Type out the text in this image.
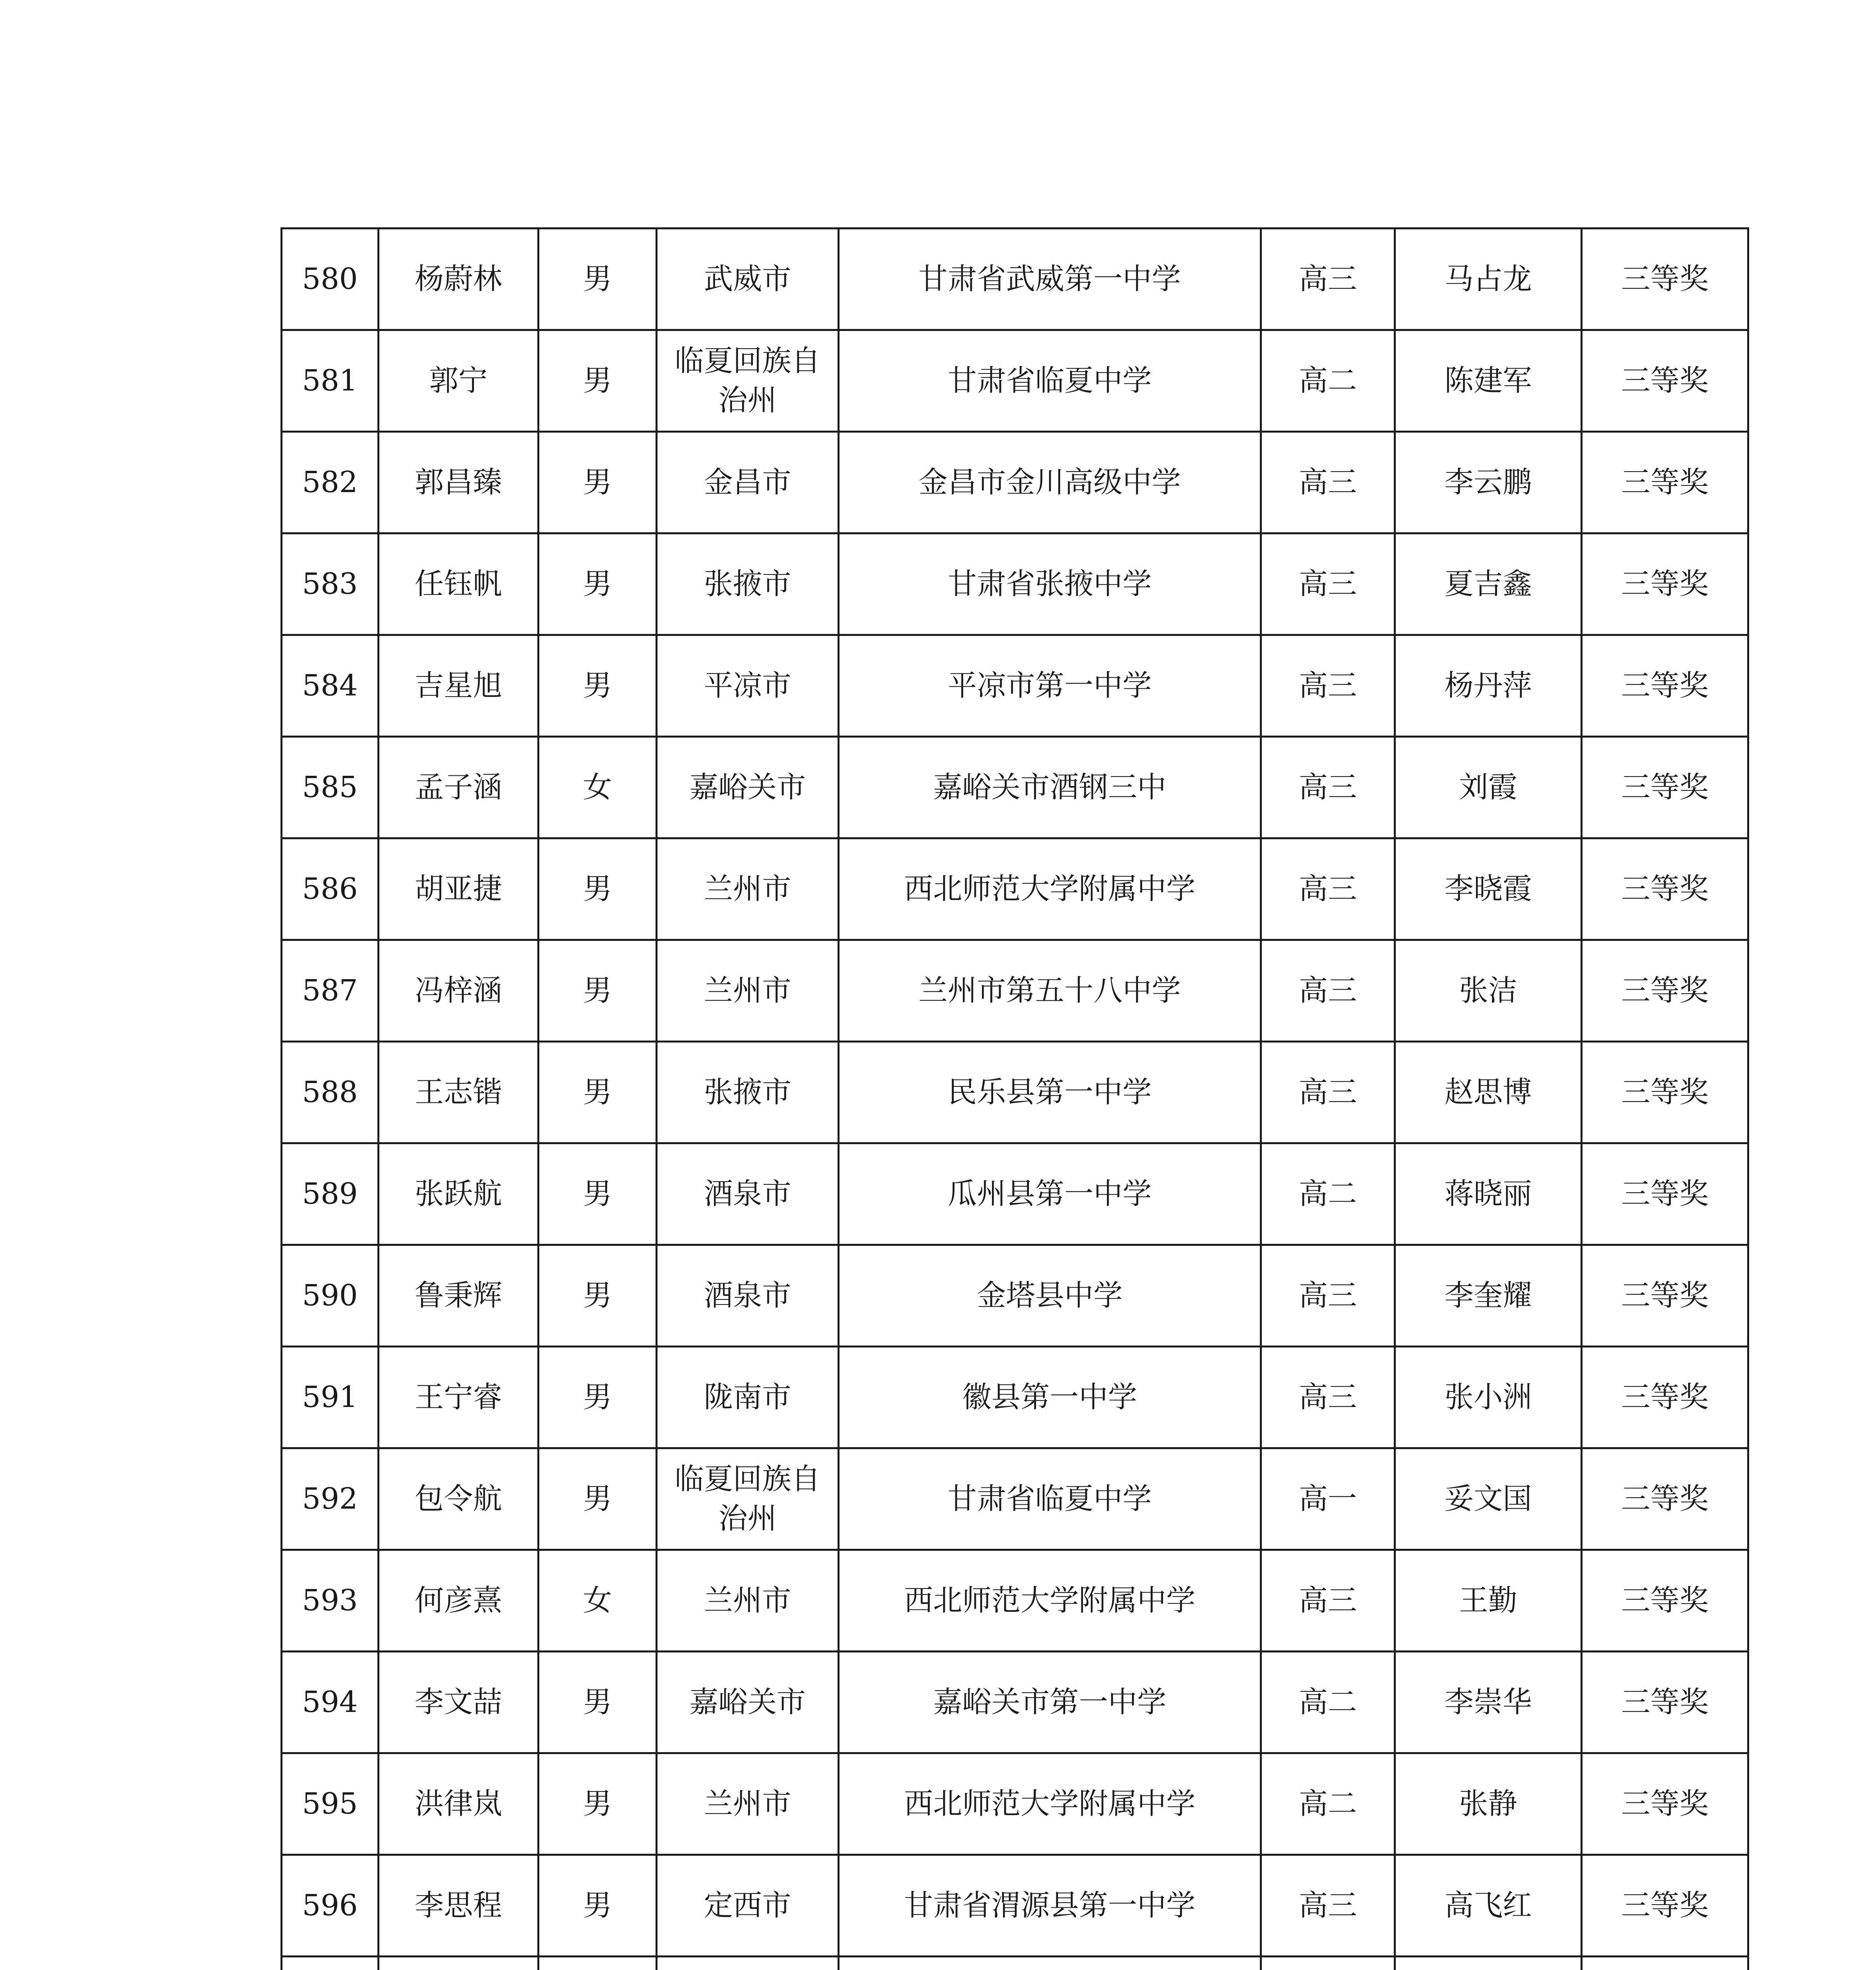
580	杨蔚林	男	武威市	甘肃省武威第一中学	高三	马占龙	三等奖
581	郭宁	男	临夏回族自治州	甘肃省临夏中学	高二	陈建军	三等奖
582	郭昌臻	男	金昌市	金昌市金川高级中学	高三	李云鹏	三等奖
583	任钰帆	男	张掖市	甘肃省张掖中学	高三	夏吉鑫	三等奖
584	吉星旭	男	平凉市	平凉市第一中学	高三	杨丹萍	三等奖
585	孟子涵	女	嘉峪关市	嘉峪关市酒钢三中	高三	刘霞	三等奖
586	胡亚捷	男	兰州市	西北师范大学附属中学	高三	李晓霞	三等奖
587	冯梓涵	男	兰州市	兰州市第五十八中学	高三	张洁	三等奖
588	王志锴	男	张掖市	民乐县第一中学	高三	赵思博	三等奖
589	张跃航	男	酒泉市	瓜州县第一中学	高二	蒋晓丽	三等奖
590	鲁秉辉	男	酒泉市	金塔县中学	高三	李奎耀	三等奖
591	王宁睿	男	陇南市	徽县第一中学	高三	张小洲	三等奖
592	包令航	男	临夏回族自治州	甘肃省临夏中学	高一	妥文国	三等奖
593	何彦熹	女	兰州市	西北师范大学附属中学	高三	王勤	三等奖
594	李文喆	男	嘉峪关市	嘉峪关市第一中学	高二	李崇华	三等奖
595	洪律岚	男	兰州市	西北师范大学附属中学	高二	张静	三等奖
596	李思程	男	定西市	甘肃省渭源县第一中学	高三	高飞红	三等奖
